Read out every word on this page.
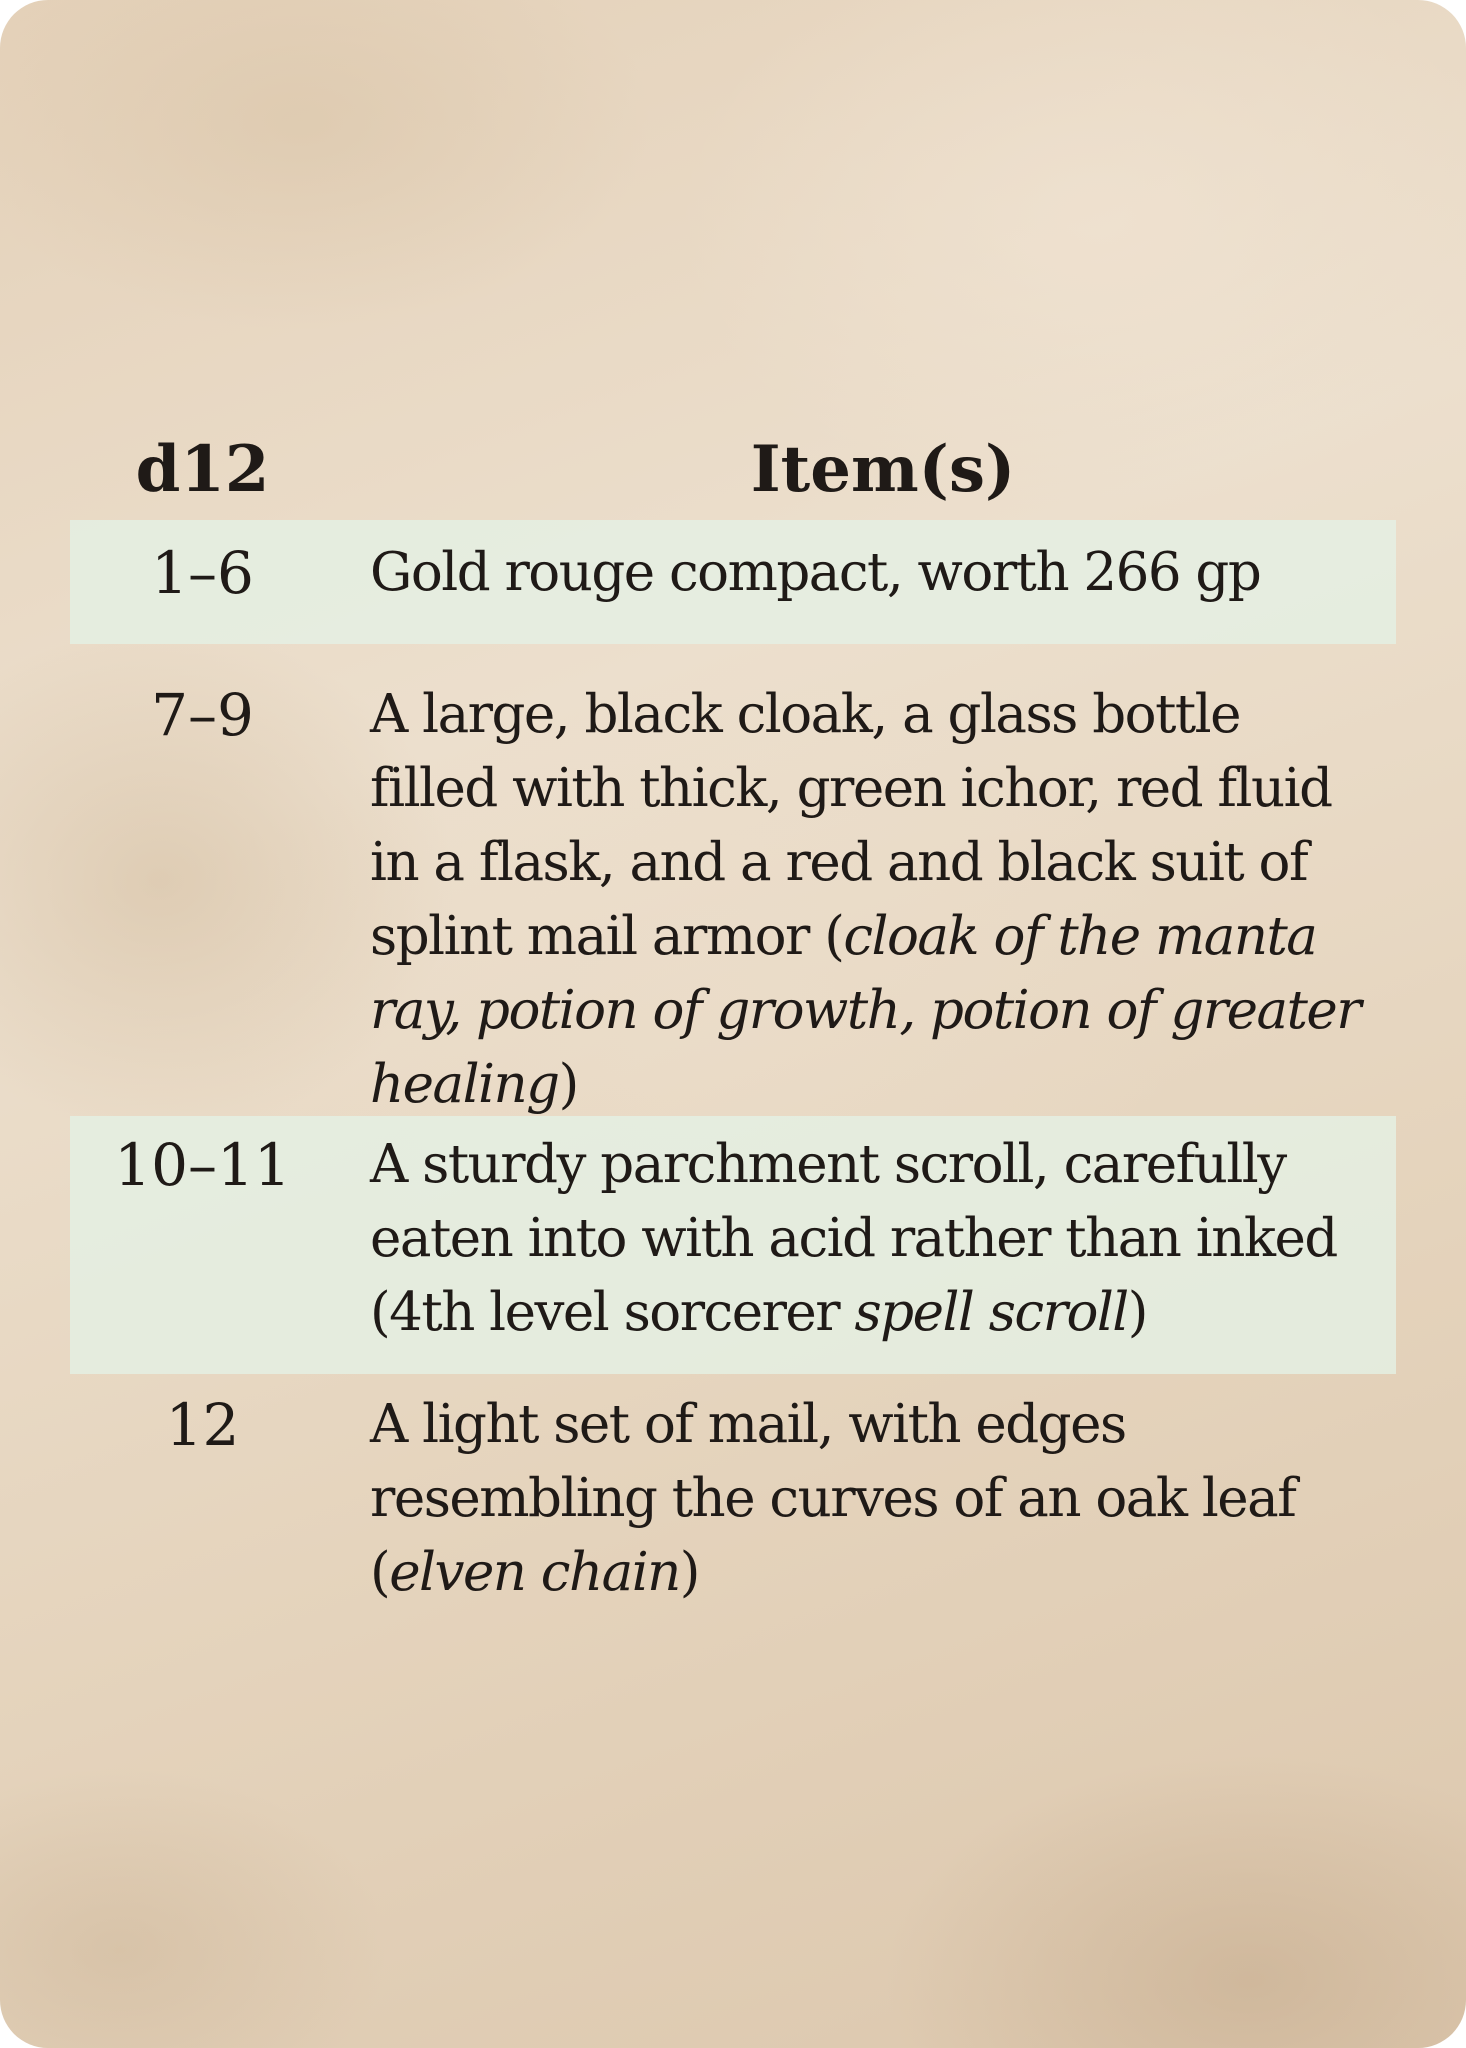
d12	Item(s)
1–6	Gold rouge compact, worth 266 gp
7–9	A large, black cloak, a glass bottle
filled with thick, green ichor, red fluid
in a flask, and a red and black suit of
splint mail armor (cloak of the manta
ray, potion of growth, potion of greater
healing)
10–11	A sturdy parchment scroll, carefully
eaten into with acid rather than inked
(4th level sorcerer spell scroll)
12	A light set of mail, with edges
resembling the curves of an oak leaf
(elven chain)
